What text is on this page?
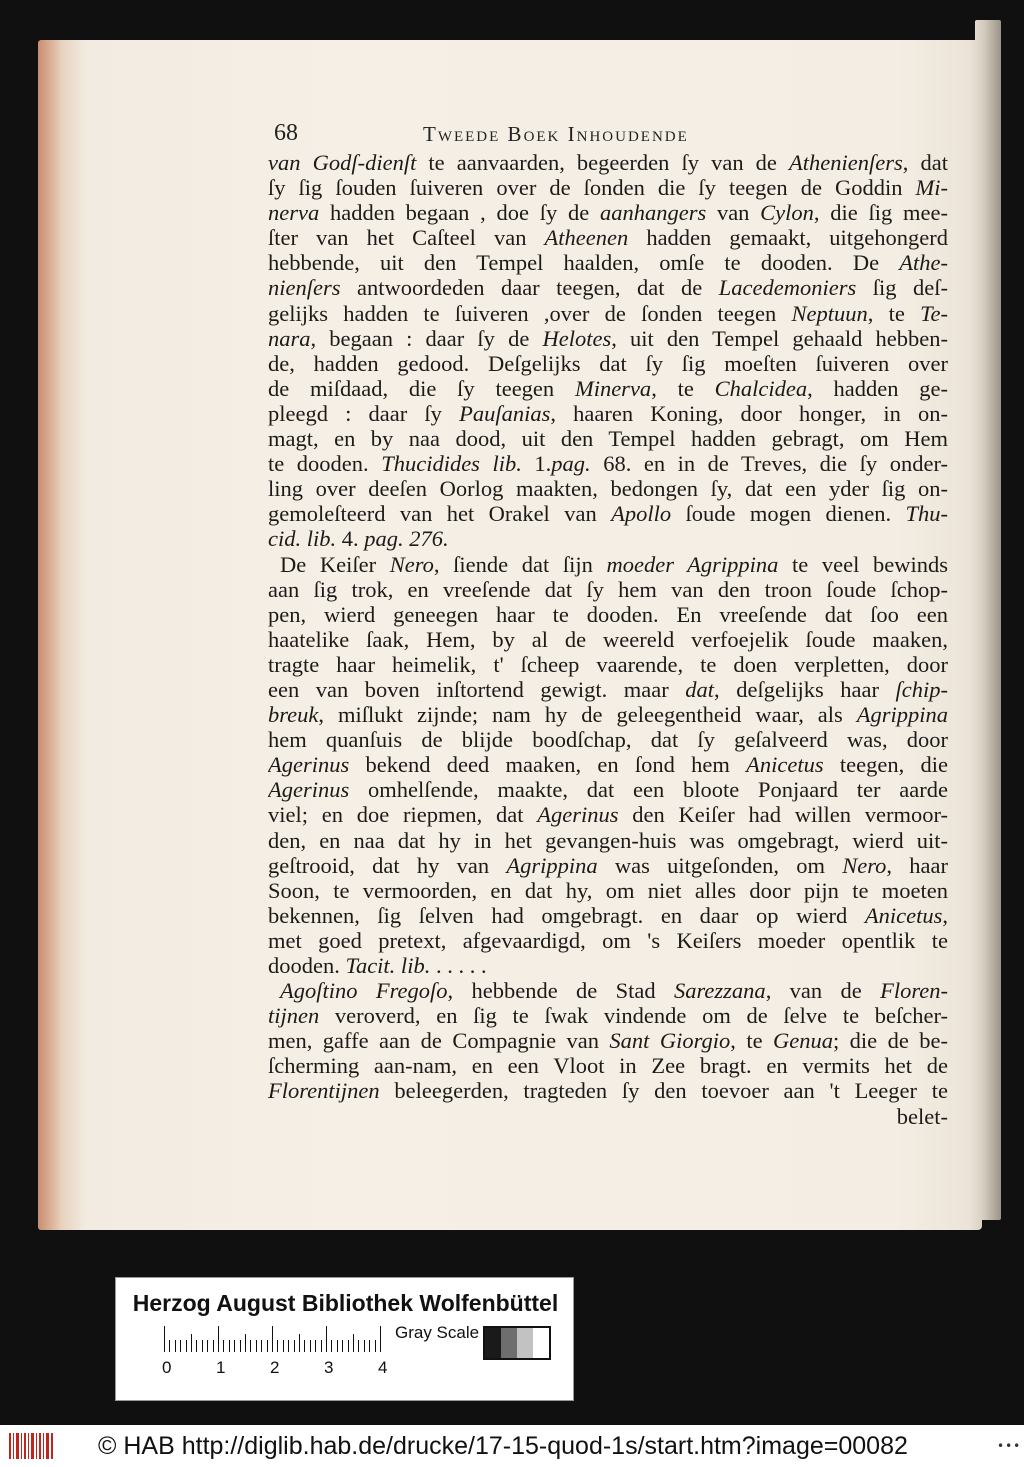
68	Tweede Boek Inhoudende
van Godſ-dienſt te aanvaarden, begeerden ſy van de Athenienſers, dat
ſy ſig ſouden ſuiveren over de ſonden die ſy teegen de Goddin Mi-
nerva hadden begaan , doe ſy de aanhangers van Cylon, die ſig mee-
ſter van het Caſteel van Atheenen hadden gemaakt, uitgehongerd
hebbende, uit den Tempel haalden, omſe te dooden. De Athe-
nienſers antwoordeden daar teegen, dat de Lacedemoniers ſig deſ-
gelijks hadden te ſuiveren ,over de ſonden teegen Neptuun, te Te-
nara, begaan : daar ſy de Helotes, uit den Tempel gehaald hebben-
de, hadden gedood. Deſgelijks dat ſy ſig moeſten ſuiveren over
de miſdaad, die ſy teegen Minerva, te Chalcidea, hadden ge-
pleegd : daar ſy Pauſanias, haaren Koning, door honger, in on-
magt, en by naa dood, uit den Tempel hadden gebragt, om Hem
te dooden. Thucidides lib. 1.pag. 68. en in de Treves, die ſy onder-
ling over deeſen Oorlog maakten, bedongen ſy, dat een yder ſig on-
gemoleſteerd van het Orakel van Apollo ſoude mogen dienen. Thu-
cid. lib. 4. pag. 276.
De Keiſer Nero, ſiende dat ſijn moeder Agrippina te veel bewinds
aan ſig trok, en vreeſende dat ſy hem van den troon ſoude ſchop-
pen, wierd geneegen haar te dooden. En vreeſende dat ſoo een
haatelike ſaak, Hem, by al de weereld verfoejelik ſoude maaken,
tragte haar heimelik, t' ſcheep vaarende, te doen verpletten, door
een van boven inſtortend gewigt. maar dat, deſgelijks haar ſchip-
breuk, miſlukt zijnde; nam hy de geleegentheid waar, als Agrippina
hem quanſuis de blijde boodſchap, dat ſy geſalveerd was, door
Agerinus bekend deed maaken, en ſond hem Anicetus teegen, die
Agerinus omhelſende, maakte, dat een bloote Ponjaard ter aarde
viel; en doe riepmen, dat Agerinus den Keiſer had willen vermoor-
den, en naa dat hy in het gevangen-huis was omgebragt, wierd uit-
geſtrooid, dat hy van Agrippina was uitgeſonden, om Nero, haar
Soon, te vermoorden, en dat hy, om niet alles door pijn te moeten
bekennen, ſig ſelven had omgebragt. en daar op wierd Anicetus,
met goed pretext, afgevaardigd, om 's Keiſers moeder opentlik te
dooden. Tacit. lib. . . . . .
Agoſtino Fregoſo, hebbende de Stad Sarezzana, van de Floren-
tijnen veroverd, en ſig te ſwak vindende om de ſelve te beſcher-
men, gaffe aan de Compagnie van Sant Giorgio, te Genua; die de be-
ſcherming aan-nam, en een Vloot in Zee bragt. en vermits het de
Florentijnen beleegerden, tragteden ſy den toevoer aan 't Leeger te
belet-
Herzog August Bibliothek Wolfenbüttel
0	1	2	3	4
Gray Scale
© HAB http://diglib.hab.de/drucke/17-15-quod-1s/start.htm?image=00082	•••
